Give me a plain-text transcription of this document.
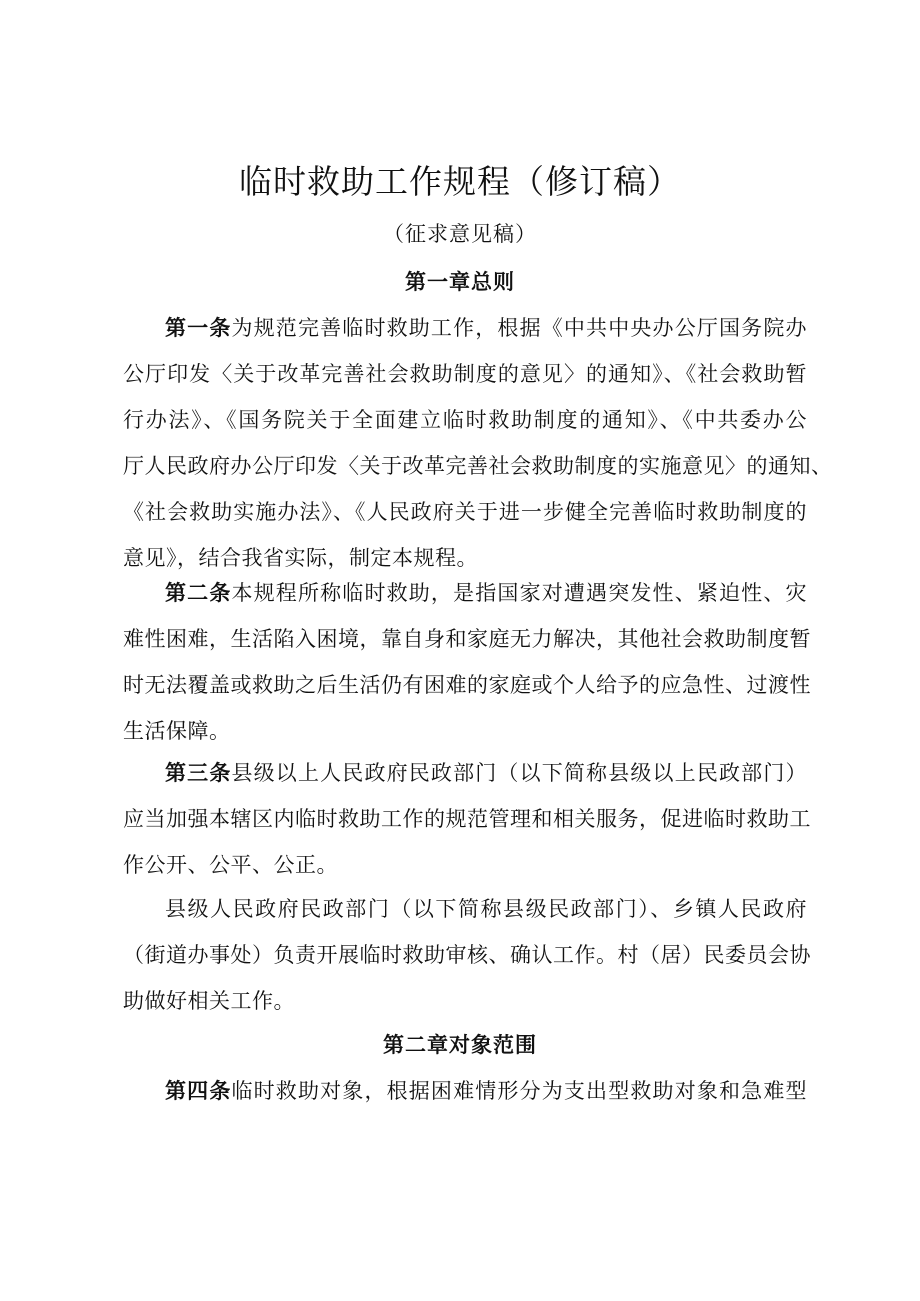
临时救助工作规程（修订稿）
（征求意见稿）
第一章总则
第一条为规范完善临时救助工作，根据《中共中央办公厅国务院办
公厅印发〈关于改革完善社会救助制度的意见〉的通知》、《社会救助暂
行办法》、《国务院关于全面建立临时救助制度的通知》、《中共委办公
厅人民政府办公厅印发〈关于改革完善社会救助制度的实施意见〉的通知、
《社会救助实施办法》、《人民政府关于进一步健全完善临时救助制度的
意见》，结合我省实际，制定本规程。
第二条本规程所称临时救助，是指国家对遭遇突发性、紧迫性、灾
难性困难，生活陷入困境，靠自身和家庭无力解决，其他社会救助制度暂
时无法覆盖或救助之后生活仍有困难的家庭或个人给予的应急性、过渡性
生活保障。
第三条县级以上人民政府民政部门（以下简称县级以上民政部门）
应当加强本辖区内临时救助工作的规范管理和相关服务，促进临时救助工
作公开、公平、公正。
县级人民政府民政部门（以下简称县级民政部门）、乡镇人民政府
（街道办事处）负责开展临时救助审核、确认工作。村（居）民委员会协
助做好相关工作。
第二章对象范围
第四条临时救助对象，根据困难情形分为支出型救助对象和急难型
